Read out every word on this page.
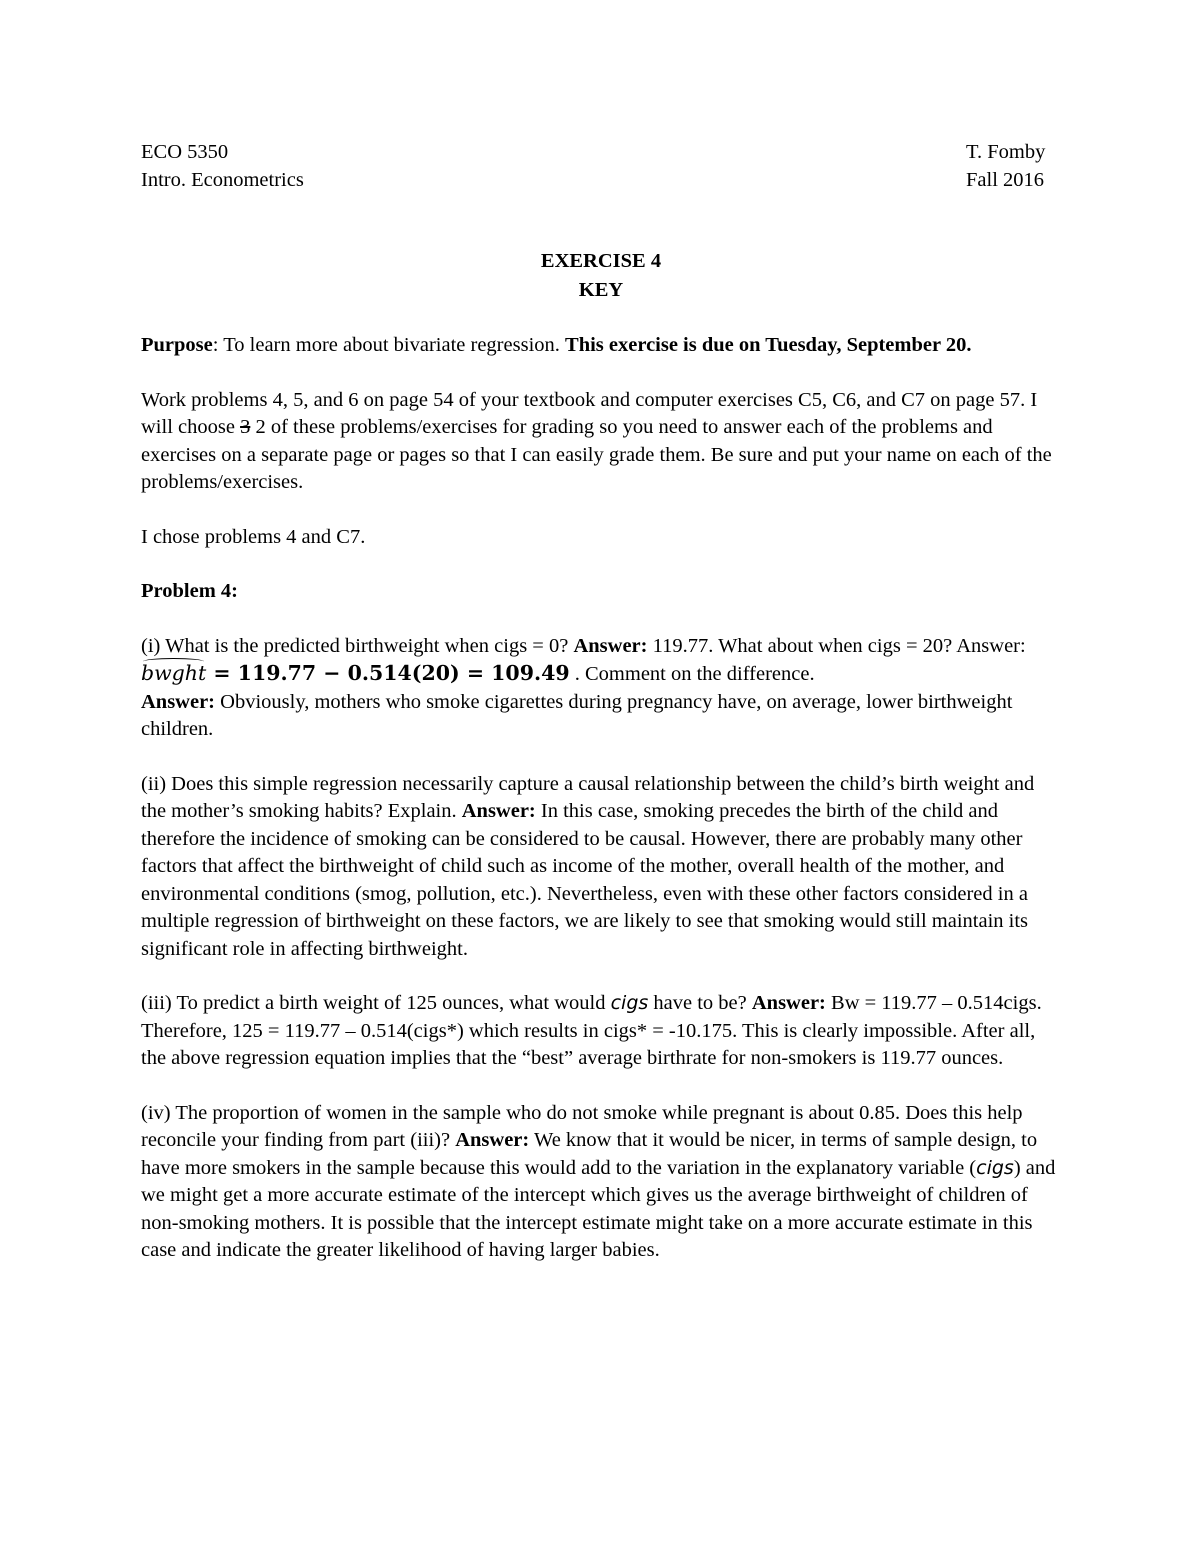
ECO 5350	T. Fomby
Intro. Econometrics	Fall 2016
EXERCISE 4
KEY

Purpose: To learn more about bivariate regression. This exercise is due on Tuesday, September 20.

Work problems 4, 5, and 6 on page 54 of your textbook and computer exercises C5, C6, and C7 on page 57. I will choose 3 2 of these problems/exercises for grading so you need to answer each of the problems and exercises on a separate page or pages so that I can easily grade them. Be sure and put your name on each of the problems/exercises.

I chose problems 4 and C7.

Problem 4:

(i) What is the predicted birthweight when cigs = 0? Answer: 119.77. What about when cigs = 20? Answer: bwght = 119.77 − 0.514(20) = 109.49 . Comment on the difference.
Answer: Obviously, mothers who smoke cigarettes during pregnancy have, on average, lower birthweight children.

(ii) Does this simple regression necessarily capture a causal relationship between the child’s birth weight and the mother’s smoking habits? Explain. Answer: In this case, smoking precedes the birth of the child and therefore the incidence of smoking can be considered to be causal. However, there are probably many other factors that affect the birthweight of child such as income of the mother, overall health of the mother, and environmental conditions (smog, pollution, etc.). Nevertheless, even with these other factors considered in a multiple regression of birthweight on these factors, we are likely to see that smoking would still maintain its significant role in affecting birthweight.

(iii) To predict a birth weight of 125 ounces, what would cigs have to be? Answer: Bw = 119.77 – 0.514cigs. Therefore, 125 = 119.77 – 0.514(cigs*) which results in cigs* = -10.175. This is clearly impossible. After all, the above regression equation implies that the “best” average birthrate for non-smokers is 119.77 ounces.

(iv) The proportion of women in the sample who do not smoke while pregnant is about 0.85. Does this help reconcile your finding from part (iii)? Answer: We know that it would be nicer, in terms of sample design, to have more smokers in the sample because this would add to the variation in the explanatory variable (cigs) and we might get a more accurate estimate of the intercept which gives us the average birthweight of children of non-smoking mothers. It is possible that the intercept estimate might take on a more accurate estimate in this case and indicate the greater likelihood of having larger babies.
